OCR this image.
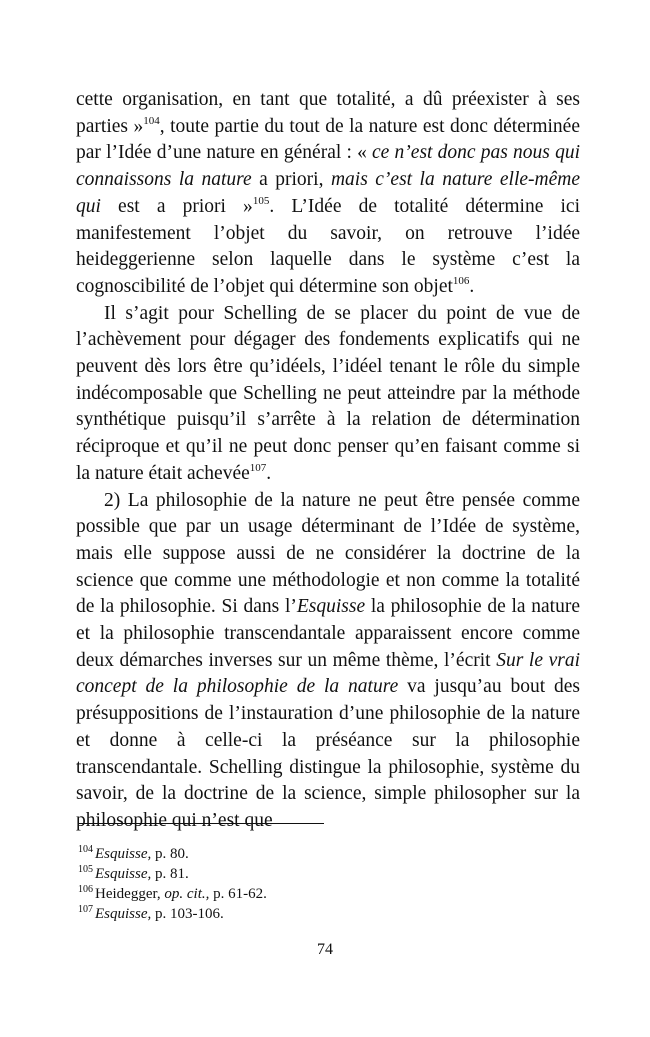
cette organisation, en tant que totalité, a dû préexister à ses parties »$^{104}$, toute partie du tout de la nature est donc déterminée par l’Idée d’une nature en général : « ce n’est donc pas nous qui connaissons la nature a priori, mais c’est la nature elle-même qui est a priori »$^{105}$. L’Idée de totalité détermine ici manifestement l’objet du savoir, on retrouve l’idée heideggerienne selon laquelle dans le système c’est la cognoscibilité de l’objet qui détermine son objet$^{106}$.

Il s’agit pour Schelling de se placer du point de vue de l’achèvement pour dégager des fondements explicatifs qui ne peuvent dès lors être qu’idéels, l’idéel tenant le rôle du simple indécomposable que Schelling ne peut atteindre par la méthode synthétique puisqu’il s’arrête à la relation de détermination réciproque et qu’il ne peut donc penser qu’en faisant comme si la nature était achevée$^{107}$.

2) La philosophie de la nature ne peut être pensée comme possible que par un usage déterminant de l’Idée de système, mais elle suppose aussi de ne considérer la doctrine de la science que comme une méthodologie et non comme la totalité de la philosophie. Si dans l’Esquisse la philosophie de la nature et la philosophie transcendantale apparaissent encore comme deux démarches inverses sur un même thème, l’écrit Sur le vrai concept de la philosophie de la nature va jusqu’au bout des présuppositions de l’instauration d’une philosophie de la nature et donne à celle-ci la préséance sur la philosophie transcendantale. Schelling distingue la philosophie, système du savoir, de la doctrine de la science, simple philosopher sur la philosophie qui n’est que

$^{104}$ Esquisse, p. 80.
$^{105}$ Esquisse, p. 81.
$^{106}$ Heidegger, op. cit., p. 61-62.
$^{107}$ Esquisse, p. 103-106.
74
